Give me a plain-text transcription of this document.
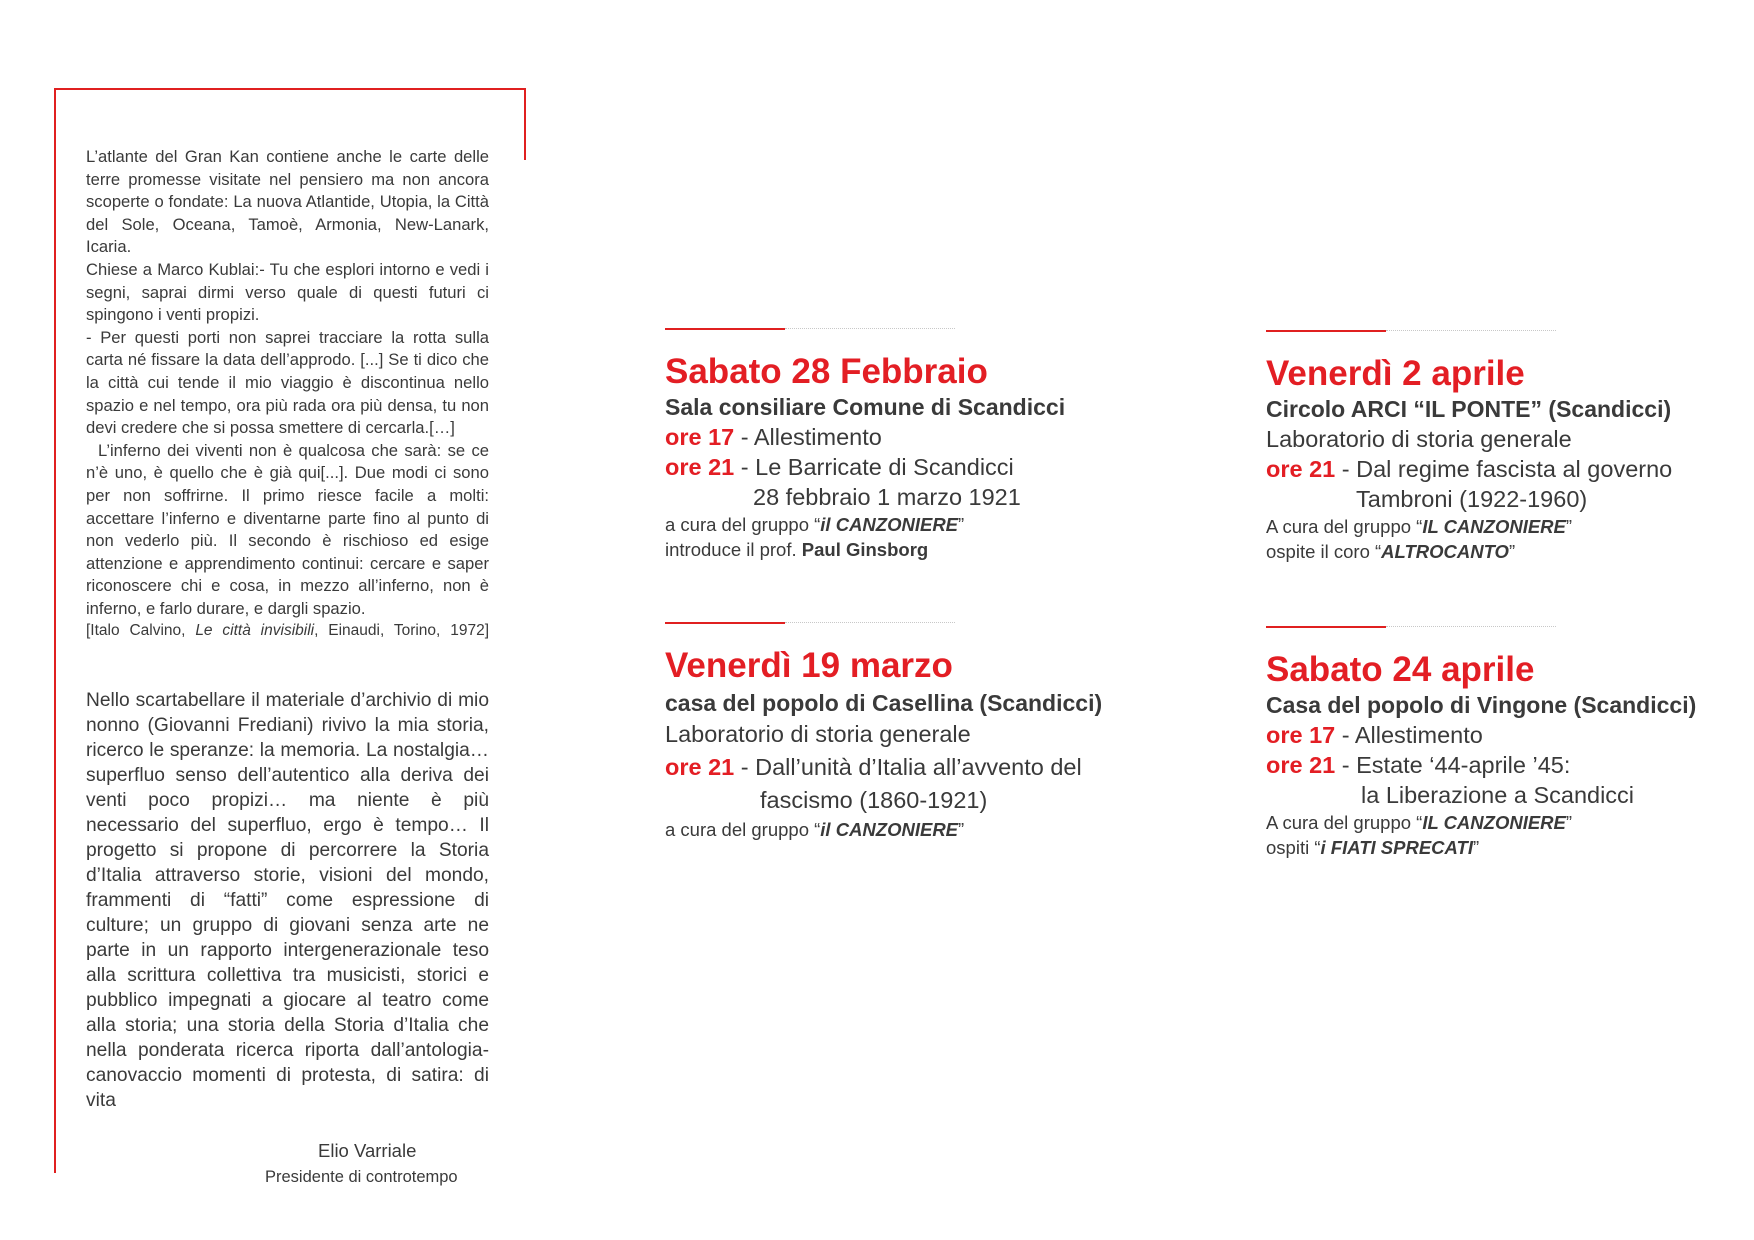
L’atlante del Gran Kan contiene anche le carte delle terre promesse visitate nel pensiero ma non ancora scoperte o fondate: La nuova Atlantide, Utopia, la Città del Sole, Oceana, Tamoè, Armonia, New-Lanark, Icaria.

Chiese a Marco Kublai:- Tu che esplori intorno e vedi i segni, saprai dirmi verso quale di questi futuri ci spingono i venti propizi.

- Per questi porti non saprei tracciare la rotta sulla carta né fissare la data dell’approdo. [...] Se ti dico che la città cui tende il mio viaggio è discontinua nello spazio e nel tempo, ora più rada ora più densa, tu non devi credere che si possa smettere di cercarla.[…]

L’inferno dei viventi non è qualcosa che sarà: se ce n’è uno, è quello che è già qui[...]. Due modi ci sono per non soffrirne. Il primo riesce facile a molti: accettare l’inferno e diventarne parte fino al punto di non vederlo più. Il secondo è rischioso ed esige attenzione e apprendimento continui: cercare e saper riconoscere chi e cosa, in mezzo all’inferno, non è inferno, e farlo durare, e dargli spazio.

[Italo Calvino, Le città invisibili, Einaudi, Torino, 1972]

Nello scartabellare il materiale d’archivio di mio nonno (Giovanni Frediani) rivivo la mia storia, ricerco le speranze: la memoria. La nostalgia… superfluo senso dell’autentico alla deriva dei venti poco propizi… ma niente è più necessario del superfluo, ergo è tempo… Il progetto si propone di percorrere la Storia d’Italia attraverso storie, visioni del mondo, frammenti di “fatti” come espressione di culture; un gruppo di giovani senza arte ne parte in un rapporto intergenerazionale teso alla scrittura collettiva tra musicisti, storici e pubblico impegnati a giocare al teatro come alla storia; una storia della Storia d’Italia che nella ponderata ricerca riporta dall’antologia-canovaccio momenti di protesta, di satira: di vita

Elio Varriale
Presidente di controtempo
Sabato 28 Febbraio
Sala consiliare Comune di Scandicci
ore 17 - Allestimento
ore 21 - Le Barricate di Scandicci
28 febbraio 1 marzo 1921
a cura del gruppo “il CANZONIERE”
introduce il prof. Paul Ginsborg
Venerdì 19 marzo
casa del popolo di Casellina (Scandicci)
Laboratorio di storia generale
ore 21 - Dall’unità d’Italia all’avvento del
fascismo (1860-1921)
a cura del gruppo “il CANZONIERE”
Venerdì 2 aprile
Circolo ARCI “IL PONTE” (Scandicci)
Laboratorio di storia generale
ore 21 - Dal regime fascista al governo
Tambroni (1922-1960)
A cura del gruppo “IL CANZONIERE”
ospite il coro “ALTROCANTO”
Sabato 24 aprile
Casa del popolo di Vingone (Scandicci)
ore 17 - Allestimento
ore 21 - Estate ‘44-aprile ’45:
la Liberazione a Scandicci
A cura del gruppo “IL CANZONIERE”
ospiti “i FIATI SPRECATI”
